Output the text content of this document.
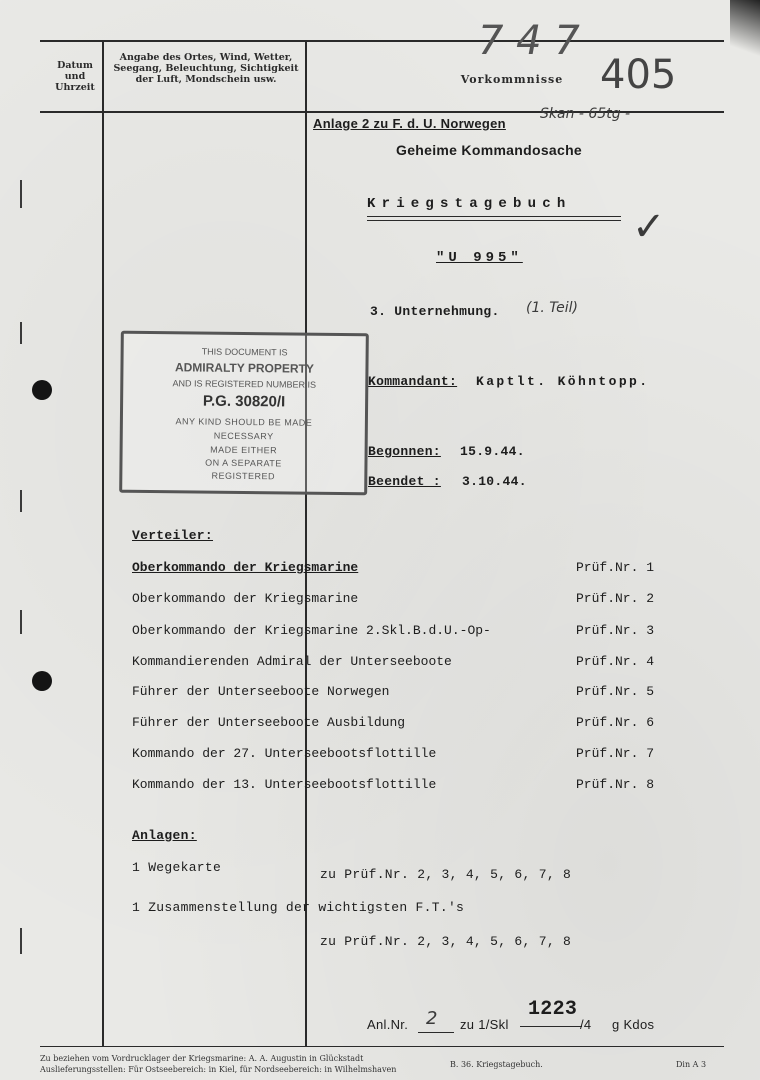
Datum und Uhrzeit
Angabe des Ortes, Wind, Wetter, Seegang, Beleuchtung, Sichtigkeit der Luft, Mondschein usw.	Vorkommnisse
7 4 7
405
Skan - 65tg -
✓
Anlage 2 zu F. d. U. Norwegen
Geheime Kommandosache
Kriegstagebuch
"U 995"
3. Unternehmung. (1. Teil)
Kommandant: Kaptlt. Köhntopp.
Begonnen: 15.9.44.
Beendet : 3.10.44.
THIS DOCUMENT IS
ADMIRALTY PROPERTY
AND IS REGISTERED NUMBER IS
P.G. 30820/I
ANY KIND SHOULD BE MADE
NECESSARY
MADE EITHER
ON A SEPARATE
REGISTERED
Verteiler:
Oberkommando der Kriegsmarine	Prüf.Nr. 1
Oberkommando der Kriegsmarine	Prüf.Nr. 2
Oberkommando der Kriegsmarine 2.Skl.B.d.U.-Op-	Prüf.Nr. 3
Kommandierenden Admiral der Unterseeboote	Prüf.Nr. 4
Führer der Unterseeboote Norwegen	Prüf.Nr. 5
Führer der Unterseeboote Ausbildung	Prüf.Nr. 6
Kommando der 27. Unterseebootsflottille	Prüf.Nr. 7
Kommando der 13. Unterseebootsflottille	Prüf.Nr. 8
Anlagen:
1 Wegekarte	zu Prüf.Nr. 2, 3, 4, 5, 6, 7, 8
1 Zusammenstellung der wichtigsten F.T.'s
zu Prüf.Nr. 2, 3, 4, 5, 6, 7, 8
Anl.Nr. 2 zu 1/Skl
1223
/4 g Kdos
Zu beziehen vom Vordrucklager der Kriegsmarine: A. A. Augustin in Glückstadt
Auslieferungsstellen: Für Ostseebereich: in Kiel, für Nordseebereich: in Wilhelmshaven
B. 36. Kriegstagebuch.	Din A 3
